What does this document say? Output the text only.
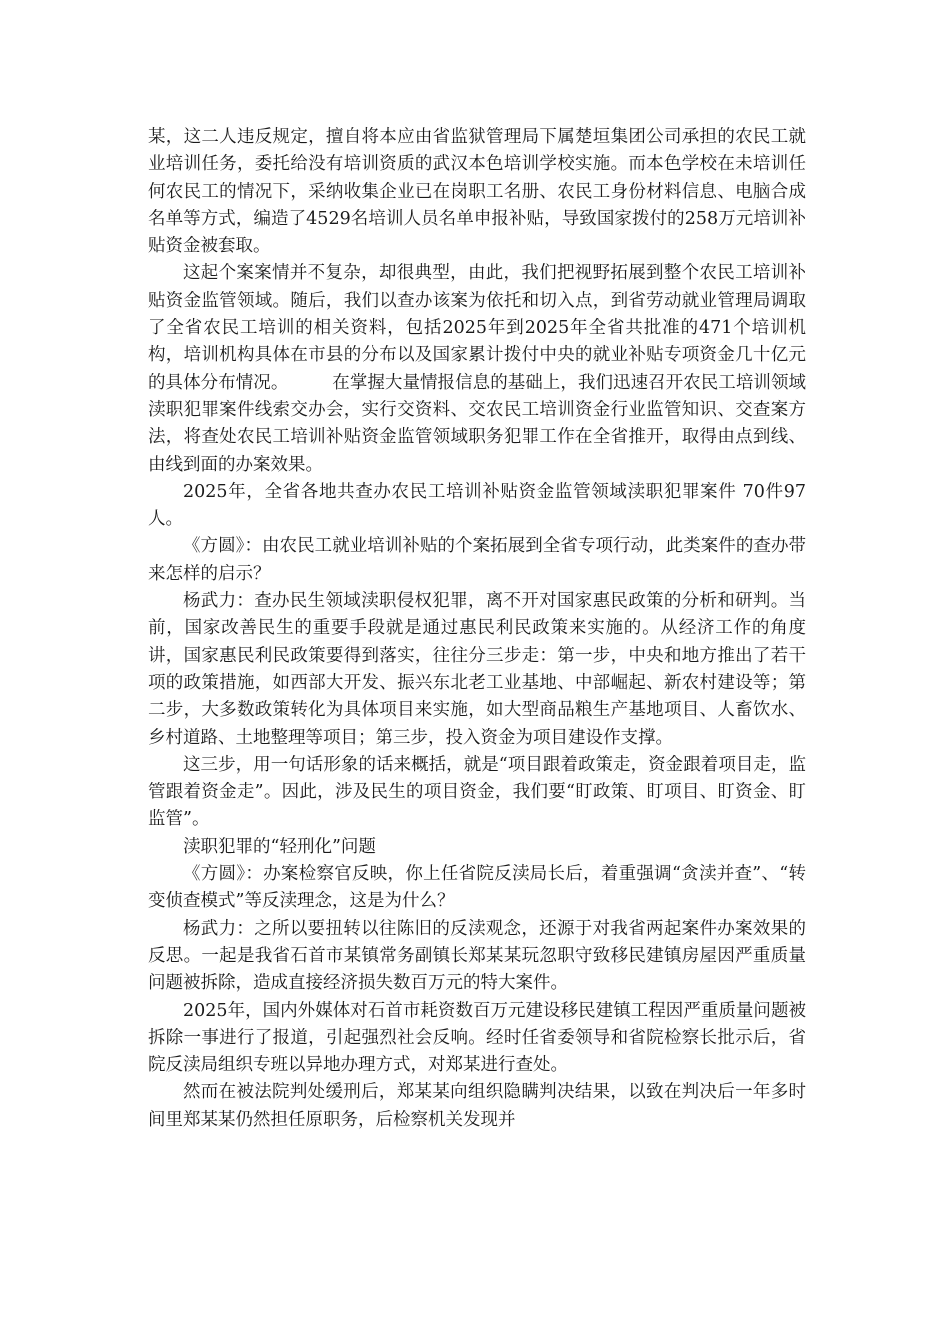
某，这二人违反规定，擅自将本应由省监狱管理局下属楚垣集团公司承担的农民工就业培训任务，委托给没有培训资质的武汉本色培训学校实施。而本色学校在未培训任何农民工的情况下，采纳收集企业已在岗职工名册、农民工身份材料信息、电脑合成名单等方式，编造了4529名培训人员名单申报补贴，导致国家拨付的258万元培训补贴资金被套取。

这起个案案情并不复杂，却很典型，由此，我们把视野拓展到整个农民工培训补贴资金监管领域。随后，我们以查办该案为依托和切入点，到省劳动就业管理局调取了全省农民工培训的相关资料，包括2025年到2025年全省共批准的471个培训机构，培训机构具体在市县的分布以及国家累计拨付中央的就业补贴专项资金几十亿元的具体分布情况。　　　在掌握大量情报信息的基础上，我们迅速召开农民工培训领域渎职犯罪案件线索交办会，实行交资料、交农民工培训资金行业监管知识、交查案方法，将查处农民工培训补贴资金监管领域职务犯罪工作在全省推开，取得由点到线、由线到面的办案效果。

2025年，全省各地共查办农民工培训补贴资金监管领域渎职犯罪案件 70件97人。

《方圆》：由农民工就业培训补贴的个案拓展到全省专项行动，此类案件的查办带来怎样的启示？

杨武力：查办民生领域渎职侵权犯罪，离不开对国家惠民政策的分析和研判。当前，国家改善民生的重要手段就是通过惠民利民政策来实施的。从经济工作的角度讲，国家惠民利民政策要得到落实，往往分三步走：第一步，中央和地方推出了若干项的政策措施，如西部大开发、振兴东北老工业基地、中部崛起、新农村建设等；第二步，大多数政策转化为具体项目来实施，如大型商品粮生产基地项目、人畜饮水、乡村道路、土地整理等项目；第三步，投入资金为项目建设作支撑。

这三步，用一句话形象的话来概括，就是“项目跟着政策走，资金跟着项目走，监管跟着资金走”。因此，涉及民生的项目资金，我们要“盯政策、盯项目、盯资金、盯监管”。

渎职犯罪的“轻刑化”问题

《方圆》：办案检察官反映，你上任省院反渎局长后，着重强调“贪渎并查”、“转变侦查模式”等反渎理念，这是为什么？

杨武力：之所以要扭转以往陈旧的反渎观念，还源于对我省两起案件办案效果的反思。一起是我省石首市某镇常务副镇长郑某某玩忽职守致移民建镇房屋因严重质量问题被拆除，造成直接经济损失数百万元的特大案件。

2025年，国内外媒体对石首市耗资数百万元建设移民建镇工程因严重质量问题被拆除一事进行了报道，引起强烈社会反响。经时任省委领导和省院检察长批示后，省院反渎局组织专班以异地办理方式，对郑某进行查处。

然而在被法院判处缓刑后，郑某某向组织隐瞒判决结果，以致在判决后一年多时间里郑某某仍然担任原职务，后检察机关发现并
